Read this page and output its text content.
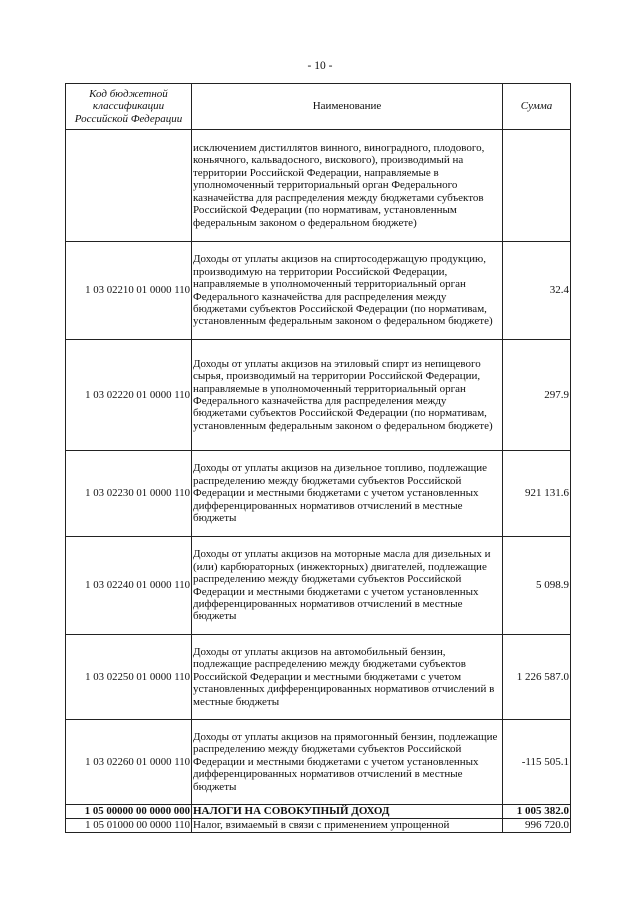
- 10 -
Код бюджетной классификации Российской Федерации	Наименование	Сумма
	исключением дистиллятов винного, виноградного, плодового, коньячного, кальвадосного, вискового), производимый на территории Российской Федерации, направляемые в уполномоченный территориальный орган Федерального казначейства для распределения между бюджетами субъектов Российской Федерации (по нормативам, установленным федеральным законом о федеральном бюджете)	
1 03 02210 01 0000 110	Доходы от уплаты акцизов на спиртосодержащую продукцию, производимую на территории Российской Федерации, направляемые в уполномоченный территориальный орган Федерального казначейства для распределения между бюджетами субъектов Российской Федерации (по нормативам, установленным федеральным законом о федеральном бюджете)	32.4
1 03 02220 01 0000 110	Доходы от уплаты акцизов на этиловый спирт из непищевого сырья, производимый на территории Российской Федерации, направляемые в уполномоченный территориальный орган Федерального казначейства для распределения между бюджетами субъектов Российской Федерации (по нормативам, установленным федеральным законом о федеральном бюджете)	297.9
1 03 02230 01 0000 110	Доходы от уплаты акцизов на дизельное топливо, подлежащие распределению между бюджетами субъектов Российской Федерации и местными бюджетами с учетом установленных дифференцированных нормативов отчислений в местные бюджеты	921 131.6
1 03 02240 01 0000 110	Доходы от уплаты акцизов на моторные масла для дизельных и (или) карбюраторных (инжекторных) двигателей, подлежащие распределению между бюджетами субъектов Российской Федерации и местными бюджетами с учетом установленных дифференцированных нормативов отчислений в местные бюджеты	5 098.9
1 03 02250 01 0000 110	Доходы от уплаты акцизов на автомобильный бензин, подлежащие распределению между бюджетами субъектов Российской Федерации и местными бюджетами с учетом установленных дифференцированных нормативов отчислений в местные бюджеты	1 226 587.0
1 03 02260 01 0000 110	Доходы от уплаты акцизов на прямогонный бензин, подлежащие распределению между бюджетами субъектов Российской Федерации и местными бюджетами с учетом установленных дифференцированных нормативов отчислений в местные бюджеты	-115 505.1
1 05 00000 00 0000 000	НАЛОГИ НА СОВОКУПНЫЙ ДОХОД	1 005 382.0
1 05 01000 00 0000 110	Налог, взимаемый в связи с применением упрощенной	996 720.0
